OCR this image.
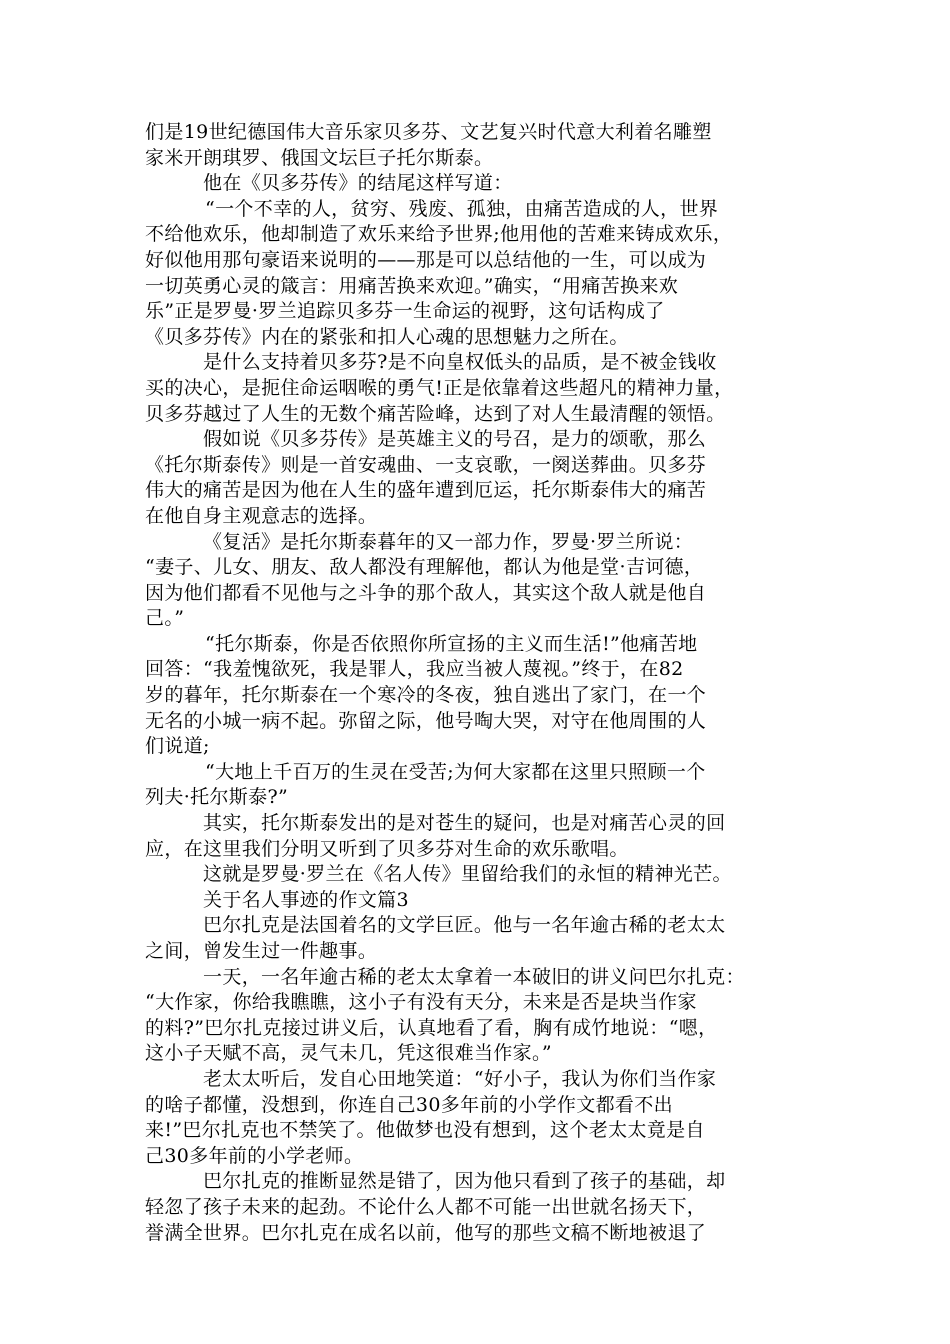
们是19世纪德国伟大音乐家贝多芬、文艺复兴时代意大利着名雕塑
家米开朗琪罗、俄国文坛巨子托尔斯泰。
他在《贝多芬传》的结尾这样写道：
“一个不幸的人，贫穷、残废、孤独，由痛苦造成的人，世界
不给他欢乐，他却制造了欢乐来给予世界;他用他的苦难来铸成欢乐，
好似他用那句豪语来说明的——那是可以总结他的一生，可以成为
一切英勇心灵的箴言：用痛苦换来欢迎。”确实，“用痛苦换来欢
乐”正是罗曼·罗兰追踪贝多芬一生命运的视野，这句话构成了
《贝多芬传》内在的紧张和扣人心魂的思想魅力之所在。
是什么支持着贝多芬?是不向皇权低头的品质，是不被金钱收
买的决心，是扼住命运咽喉的勇气!正是依靠着这些超凡的精神力量，
贝多芬越过了人生的无数个痛苦险峰，达到了对人生最清醒的领悟。
假如说《贝多芬传》是英雄主义的号召，是力的颂歌，那么
《托尔斯泰传》则是一首安魂曲、一支哀歌，一阕送葬曲。贝多芬
伟大的痛苦是因为他在人生的盛年遭到厄运，托尔斯泰伟大的痛苦
在他自身主观意志的选择。
《复活》是托尔斯泰暮年的又一部力作，罗曼·罗兰所说：
“妻子、儿女、朋友、敌人都没有理解他，都认为他是堂·吉诃德，
因为他们都看不见他与之斗争的那个敌人，其实这个敌人就是他自
己。”
“托尔斯泰，你是否依照你所宣扬的主义而生活!”他痛苦地
回答：“我羞愧欲死，我是罪人，我应当被人蔑视。”终于，在82
岁的暮年，托尔斯泰在一个寒冷的冬夜，独自逃出了家门，在一个
无名的小城一病不起。弥留之际，他号啕大哭，对守在他周围的人
们说道;
“大地上千百万的生灵在受苦;为何大家都在这里只照顾一个
列夫·托尔斯泰?”
其实，托尔斯泰发出的是对苍生的疑问，也是对痛苦心灵的回
应，在这里我们分明又听到了贝多芬对生命的欢乐歌唱。
这就是罗曼·罗兰在《名人传》里留给我们的永恒的精神光芒。
关于名人事迹的作文篇3
巴尔扎克是法国着名的文学巨匠。他与一名年逾古稀的老太太
之间，曾发生过一件趣事。
一天，一名年逾古稀的老太太拿着一本破旧的讲义问巴尔扎克：
“大作家，你给我瞧瞧，这小子有没有天分，未来是否是块当作家
的料?”巴尔扎克接过讲义后，认真地看了看，胸有成竹地说：“嗯，
这小子天赋不高，灵气未几，凭这很难当作家。”
老太太听后，发自心田地笑道：“好小子，我认为你们当作家
的啥子都懂，没想到，你连自己30多年前的小学作文都看不出
来!”巴尔扎克也不禁笑了。他做梦也没有想到，这个老太太竟是自
己30多年前的小学老师。
巴尔扎克的推断显然是错了，因为他只看到了孩子的基础，却
轻忽了孩子未来的起劲。不论什么人都不可能一出世就名扬天下，
誉满全世界。巴尔扎克在成名以前，他写的那些文稿不断地被退了
